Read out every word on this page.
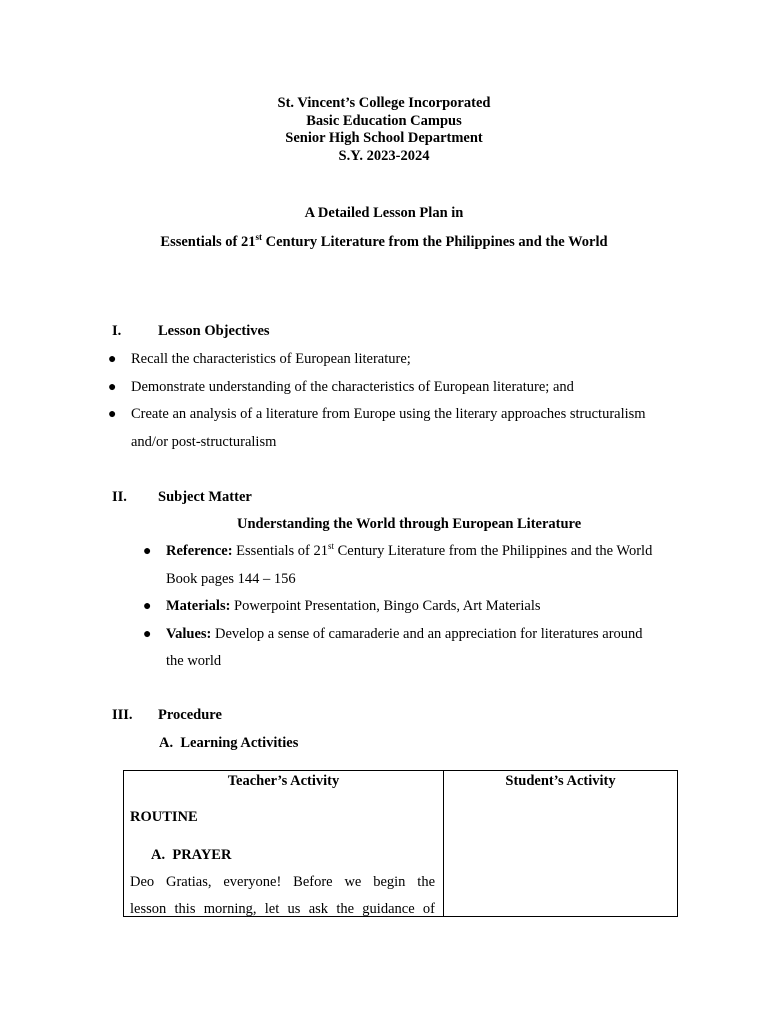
St. Vincent’s College Incorporated
Basic Education Campus
Senior High School Department
S.Y. 2023-2024
A Detailed Lesson Plan in
Essentials of 21st Century Literature from the Philippines and the World
I.	Lesson Objectives
● Recall the characteristics of European literature;
● Demonstrate understanding of the characteristics of European literature; and
● Create an analysis of a literature from Europe using the literary approaches structuralism
and/or post-structuralism
II. Subject Matter
Understanding the World through European Literature
● Reference: Essentials of 21st Century Literature from the Philippines and the World
Book pages 144 – 156
● Materials: Powerpoint Presentation, Bingo Cards, Art Materials
● Values: Develop a sense of camaraderie and an appreciation for literatures around
the world
III. Procedure
A.  Learning Activities
Teacher’s Activity
ROUTINE
A.  PRAYER
Deo Gratias, everyone! Before we begin the
lesson this morning, let us ask the guidance of
Student’s Activity
